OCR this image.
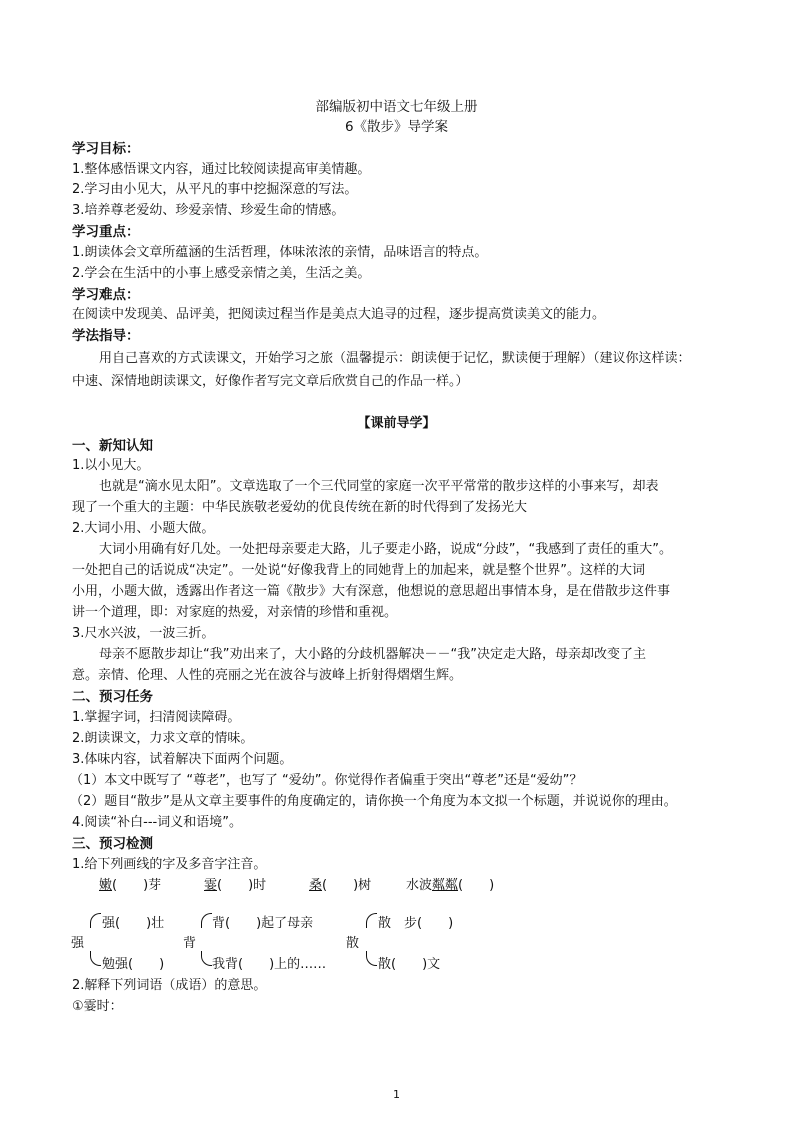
部编版初中语文七年级上册
6《散步》导学案
学习目标：
1.整体感悟课文内容，通过比较阅读提高审美情趣。
2.学习由小见大，从平凡的事中挖掘深意的写法。
3.培养尊老爱幼、珍爱亲情、珍爱生命的情感。
学习重点：
1.朗读体会文章所蕴涵的生活哲理，体味浓浓的亲情，品味语言的特点。
2.学会在生活中的小事上感受亲情之美，生活之美。
学习难点：
在阅读中发现美、品评美，把阅读过程当作是美点大追寻的过程，逐步提高赏读美文的能力。
学法指导：
用自己喜欢的方式读课文，开始学习之旅（温馨提示：朗读便于记忆，默读便于理解）（建议你这样读：
中速、深情地朗读课文，好像作者写完文章后欣赏自己的作品一样。）
【课前导学】
一、新知认知
1.以小见大。
也就是“滴水见太阳”。文章选取了一个三代同堂的家庭一次平平常常的散步这样的小事来写，却表
现了一个重大的主题：中华民族敬老爱幼的优良传统在新的时代得到了发扬光大
2.大词小用、小题大做。
大词小用确有好几处。一处把母亲要走大路，儿子要走小路，说成“分歧”，“我感到了责任的重大”。
一处把自己的话说成“决定”。一处说“好像我背上的同她背上的加起来，就是整个世界”。这样的大词
小用，小题大做，透露出作者这一篇《散步》大有深意，他想说的意思超出事情本身，是在借散步这件事
讲一个道理，即：对家庭的热爱，对亲情的珍惜和重视。
3.尺水兴波，一波三折。
母亲不愿散步却让“我”劝出来了，大小路的分歧机器解决－－“我”决定走大路，母亲却改变了主
意。亲情、伦理、人性的亮丽之光在波谷与波峰上折射得熠熠生辉。
二、预习任务
1.掌握字词，扫清阅读障碍。
2.朗读课文，力求文章的情味。
3.体味内容，试着解决下面两个问题。
（1）本文中既写了 “尊老”，也写了 “爱幼”。你觉得作者偏重于突出“尊老”还是“爱幼”？
（2）题目“散步”是从文章主要事件的角度确定的，请你换一个角度为本文拟一个标题，并说说你的理由。
4.阅读“补白---词义和语境”。
三、预习检测
1.给下列画线的字及多音字注音。
嫩(　　)芽	霎(　　)时	桑(　　)树	水波粼粼(　　)
强
强(　　)壮
勉强(　　)
背
背(　　)起了母亲
我背(　　)上的……
散
散　步(　　)
散(　　)文
2.解释下列词语（成语）的意思。
①霎时：
1
